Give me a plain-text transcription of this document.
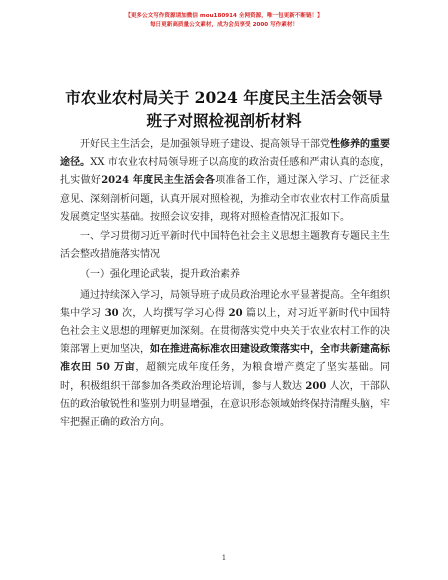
【更多公文写作资源请加微信 mou180914 全网资源，唯一包更新不断链！】
每日更新高质量公文素材，成为会员享受 2000 写作素材！
市农业农村局关于 2024 年度民主生活会领导班子对照检视剖析材料

开好民主生活会，是加强领导班子建设、提高领导干部党性修养的重要途径。XX 市农业农村局领导班子以高度的政治责任感和严肃认真的态度，扎实做好2024 年度民主生活会各项准备工作，通过深入学习、广泛征求意见、深刻剖析问题，认真开展对照检视，为推动全市农业农村工作高质量发展奠定坚实基础。按照会议安排，现将对照检查情况汇报如下。

一、学习贯彻习近平新时代中国特色社会主义思想主题教育专题民主生活会整改措施落实情况

（一）强化理论武装，提升政治素养

通过持续深入学习，局领导班子成员政治理论水平显著提高。全年组织集中学习 30 次，人均撰写学习心得 20 篇以上，对习近平新时代中国特色社会主义思想的理解更加深刻。在贯彻落实党中央关于农业农村工作的决策部署上更加坚决，如在推进高标准农田建设政策落实中，全市共新建高标准农田 50 万亩，超额完成年度任务，为粮食增产奠定了坚实基础。同时，积极组织干部参加各类政治理论培训，参与人数达 200 人次，干部队伍的政治敏锐性和鉴别力明显增强，在意识形态领域始终保持清醒头脑，牢牢把握正确的政治方向。

1
